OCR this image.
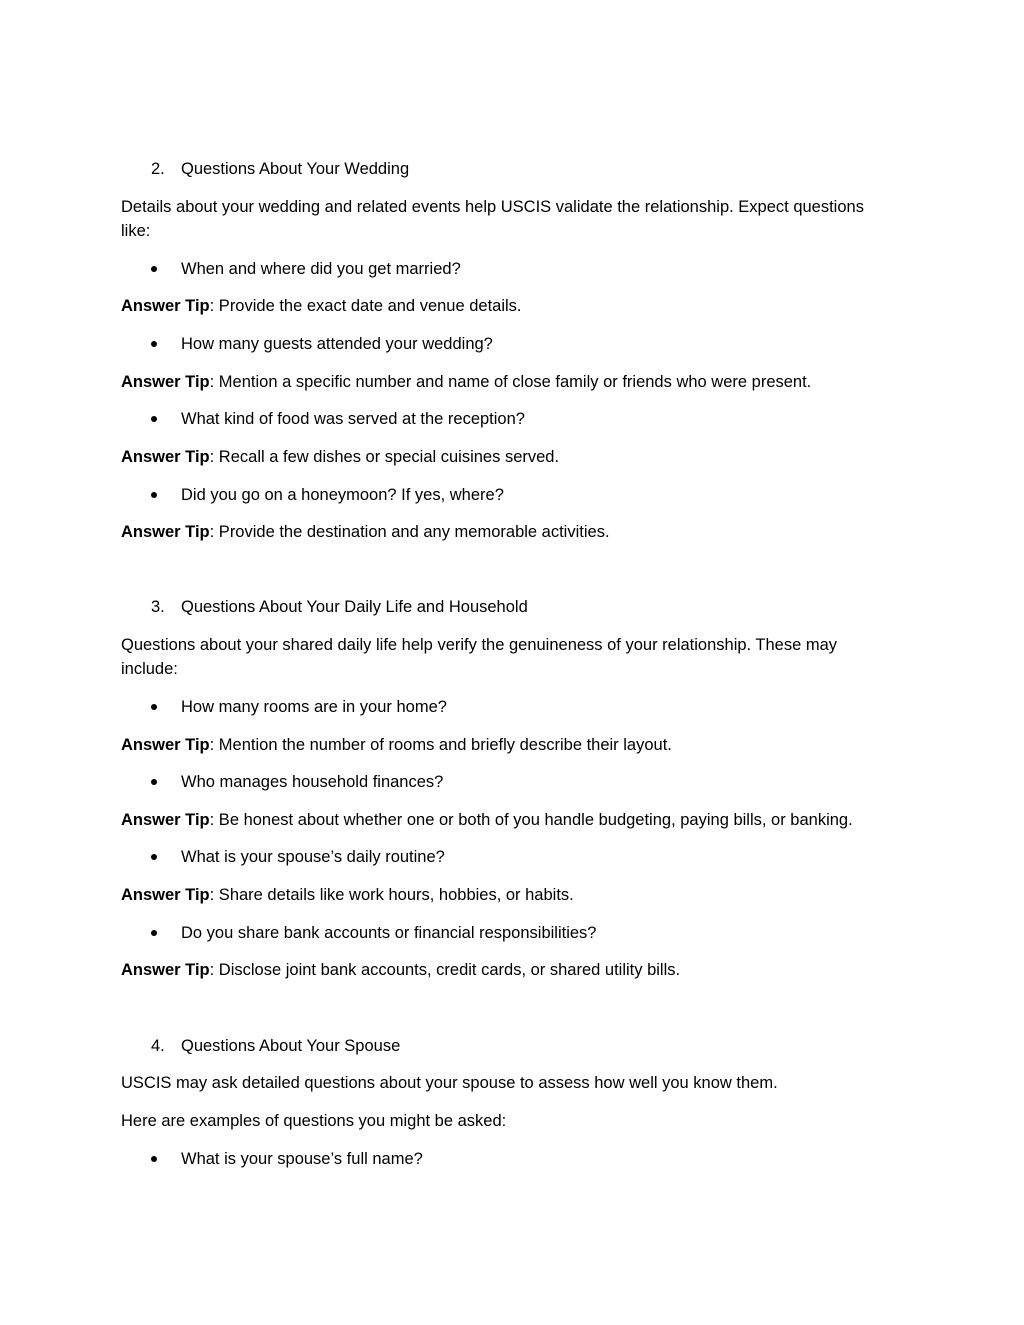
2. Questions About Your Wedding
Details about your wedding and related events help USCIS validate the relationship. Expect questions like:
When and where did you get married?
Answer Tip: Provide the exact date and venue details.
How many guests attended your wedding?
Answer Tip: Mention a specific number and name of close family or friends who were present.
What kind of food was served at the reception?
Answer Tip: Recall a few dishes or special cuisines served.
Did you go on a honeymoon? If yes, where?
Answer Tip: Provide the destination and any memorable activities.
3. Questions About Your Daily Life and Household
Questions about your shared daily life help verify the genuineness of your relationship. These may include:
How many rooms are in your home?
Answer Tip: Mention the number of rooms and briefly describe their layout.
Who manages household finances?
Answer Tip: Be honest about whether one or both of you handle budgeting, paying bills, or banking.
What is your spouse’s daily routine?
Answer Tip: Share details like work hours, hobbies, or habits.
Do you share bank accounts or financial responsibilities?
Answer Tip: Disclose joint bank accounts, credit cards, or shared utility bills.
4. Questions About Your Spouse
USCIS may ask detailed questions about your spouse to assess how well you know them.
Here are examples of questions you might be asked:
What is your spouse’s full name?
